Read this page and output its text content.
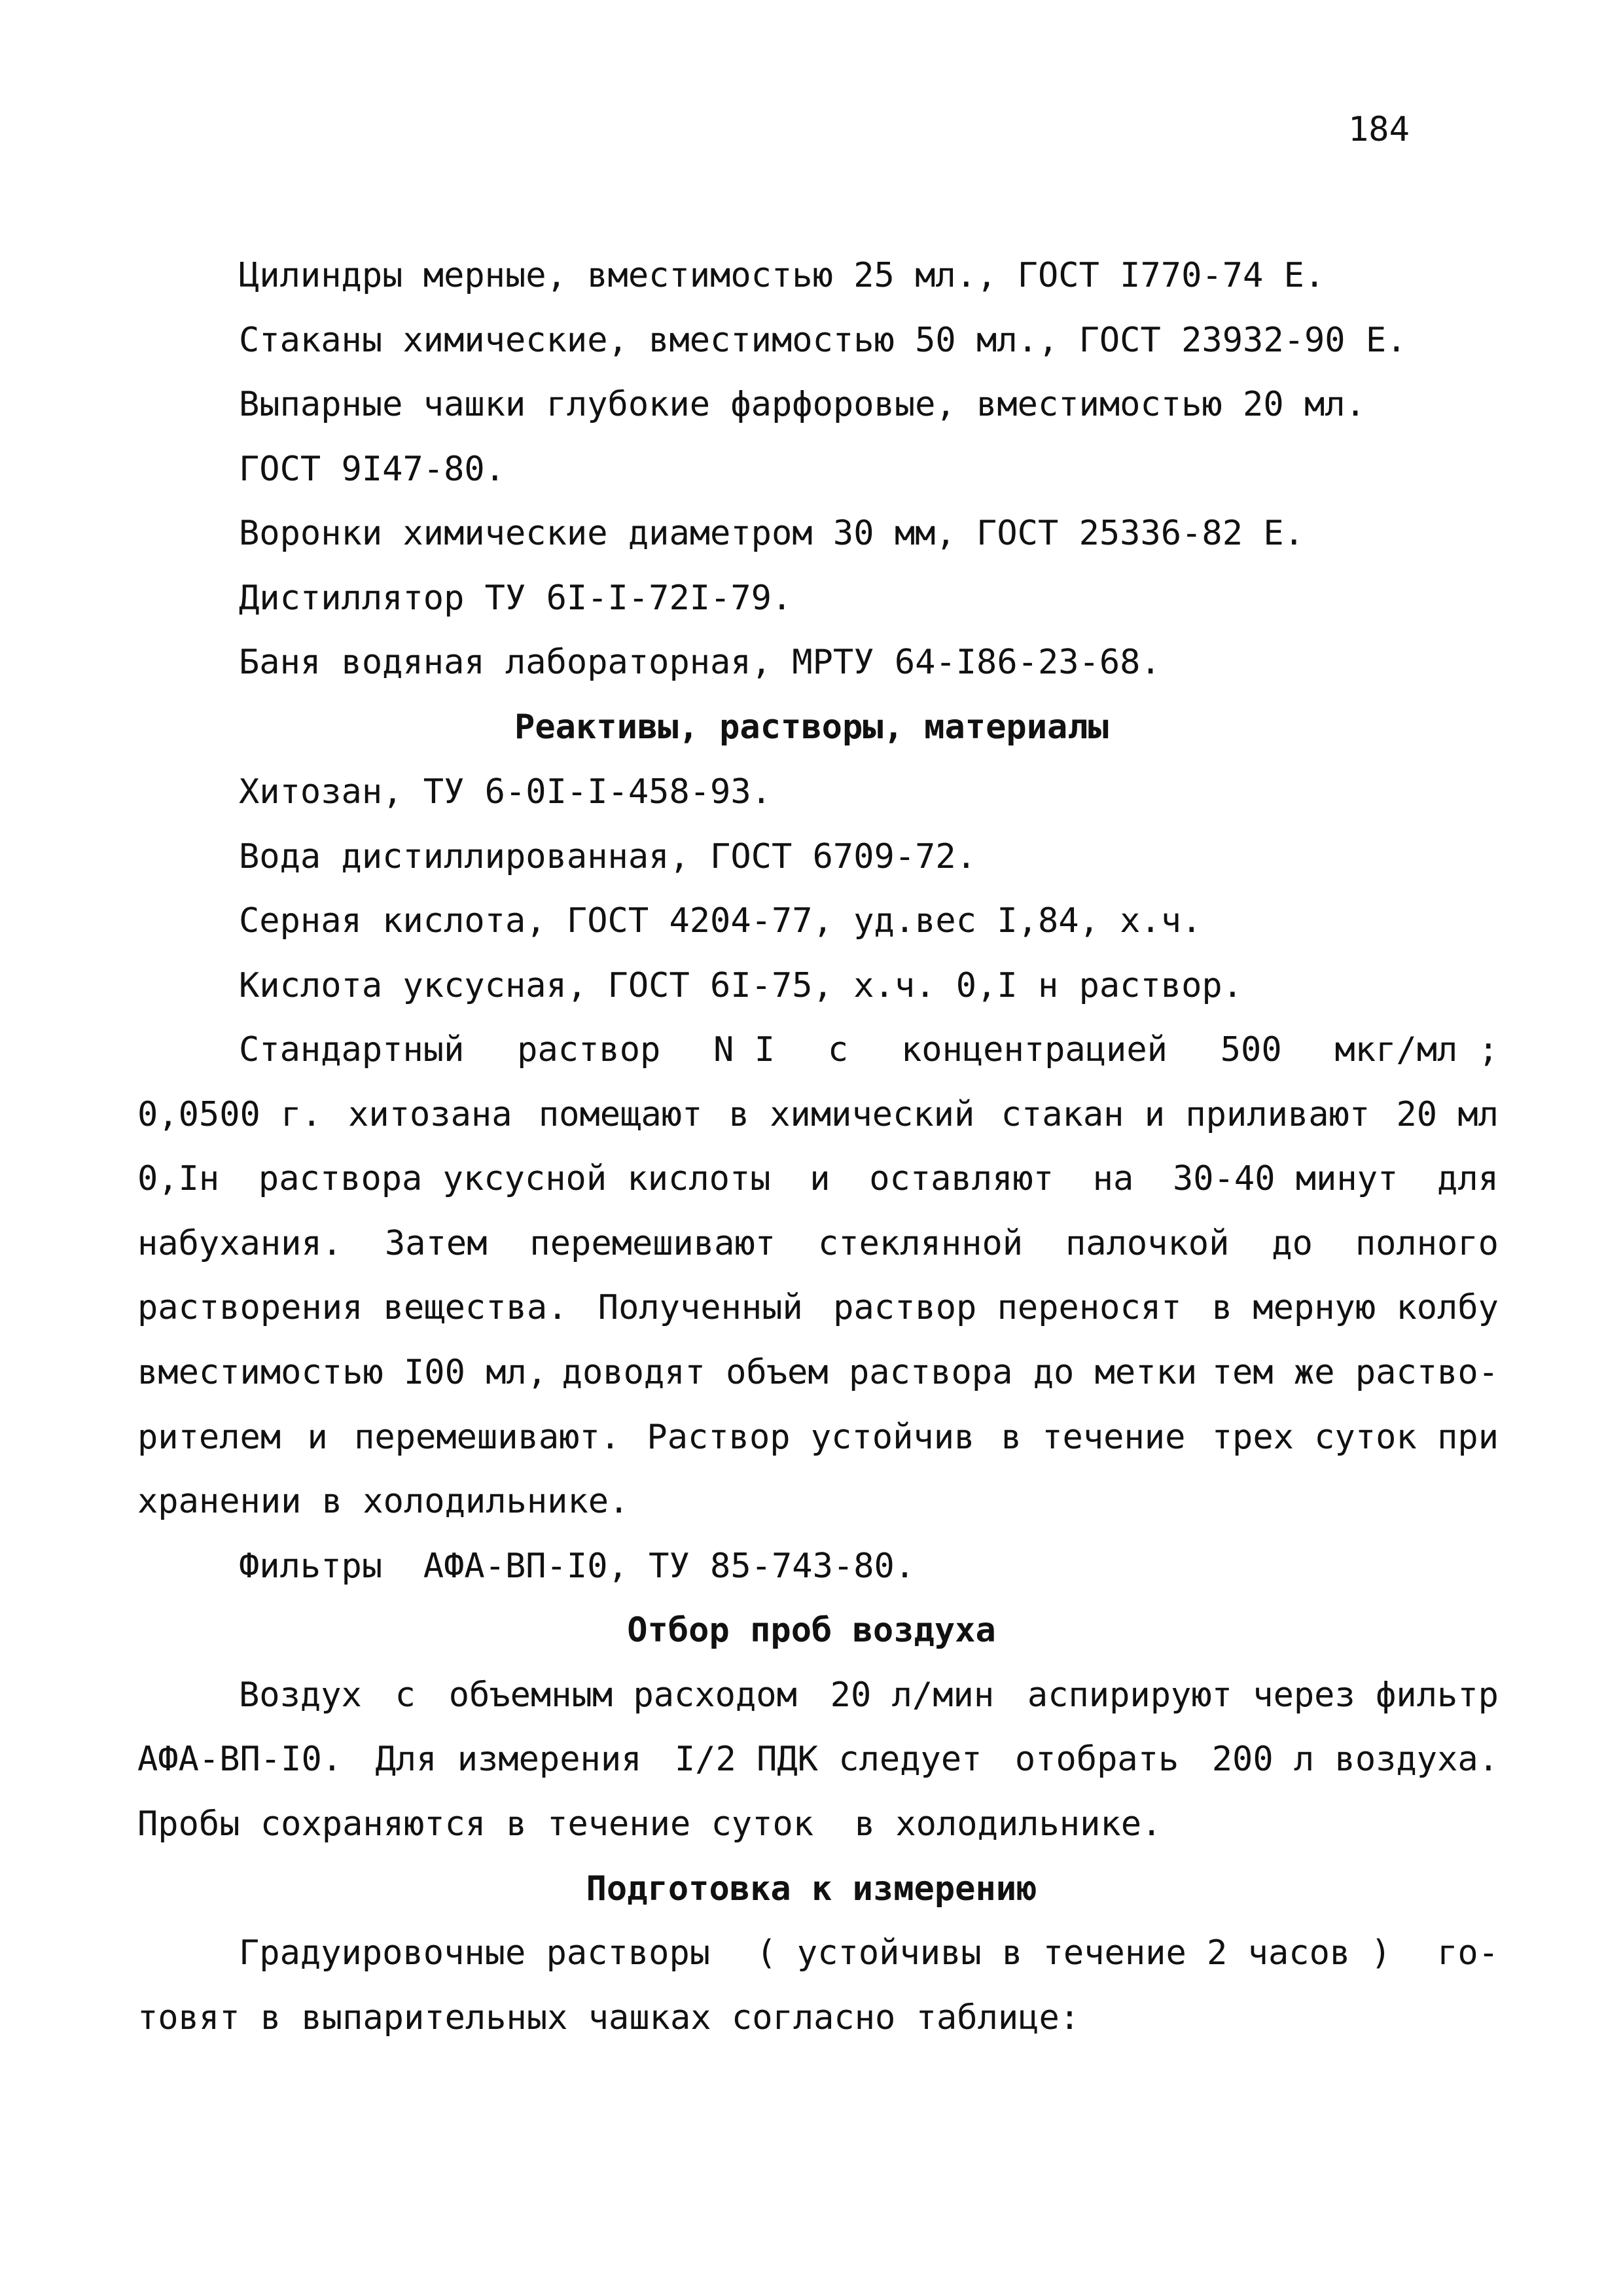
184
Цилиндры мерные, вместимостью 25 мл., ГОСТ I770-74 Е.
Стаканы химические, вместимостью 50 мл., ГОСТ 23932-90 Е.
Выпарные чашки глубокие фарфоровые, вместимостью 20 мл.
ГОСТ 9I47-80.
Воронки химические диаметром 30 мм, ГОСТ 25336-82 Е.
Дистиллятор ТУ 6I-I-72I-79.
Баня водяная лабораторная, МРТУ 64-I86-23-68.
Реактивы, растворы, материалы
Хитозан, ТУ 6-0I-I-458-93.
Вода дистиллированная, ГОСТ 6709-72.
Серная кислота, ГОСТ 4204-77, уд.вес I,84, х.ч.
Кислота уксусная, ГОСТ 6I-75, х.ч. 0,I н раствор.
Стандартный раствор N I с концентрацией 500 мкг/мл ;
0,0500 г. хитозана помещают в химический стакан и приливают 20 мл
0,Iн раствора уксусной кислоты и оставляют на 30-40 минут для
набухания. Затем перемешивают стеклянной палочкой до полного
растворения вещества. Полученный раствор переносят в мерную колбу
вместимостью I00 мл, доводят объем раствора до метки тем же раство-
рителем и перемешивают. Раствор устойчив в течение трех суток при
хранении в холодильнике.
Фильтры  АФА-ВП-I0, ТУ 85-743-80.
Отбор проб воздуха
Воздух с объемным расходом 20 л/мин аспирируют через фильтр
АФА-ВП-I0. Для измерения I/2 ПДК следует отобрать 200 л воздуха.
Пробы сохраняются в течение суток  в холодильнике.
Подготовка к измерению
Градуировочные растворы ( устойчивы в течение 2 часов ) го-
товят в выпарительных чашках согласно таблице:
